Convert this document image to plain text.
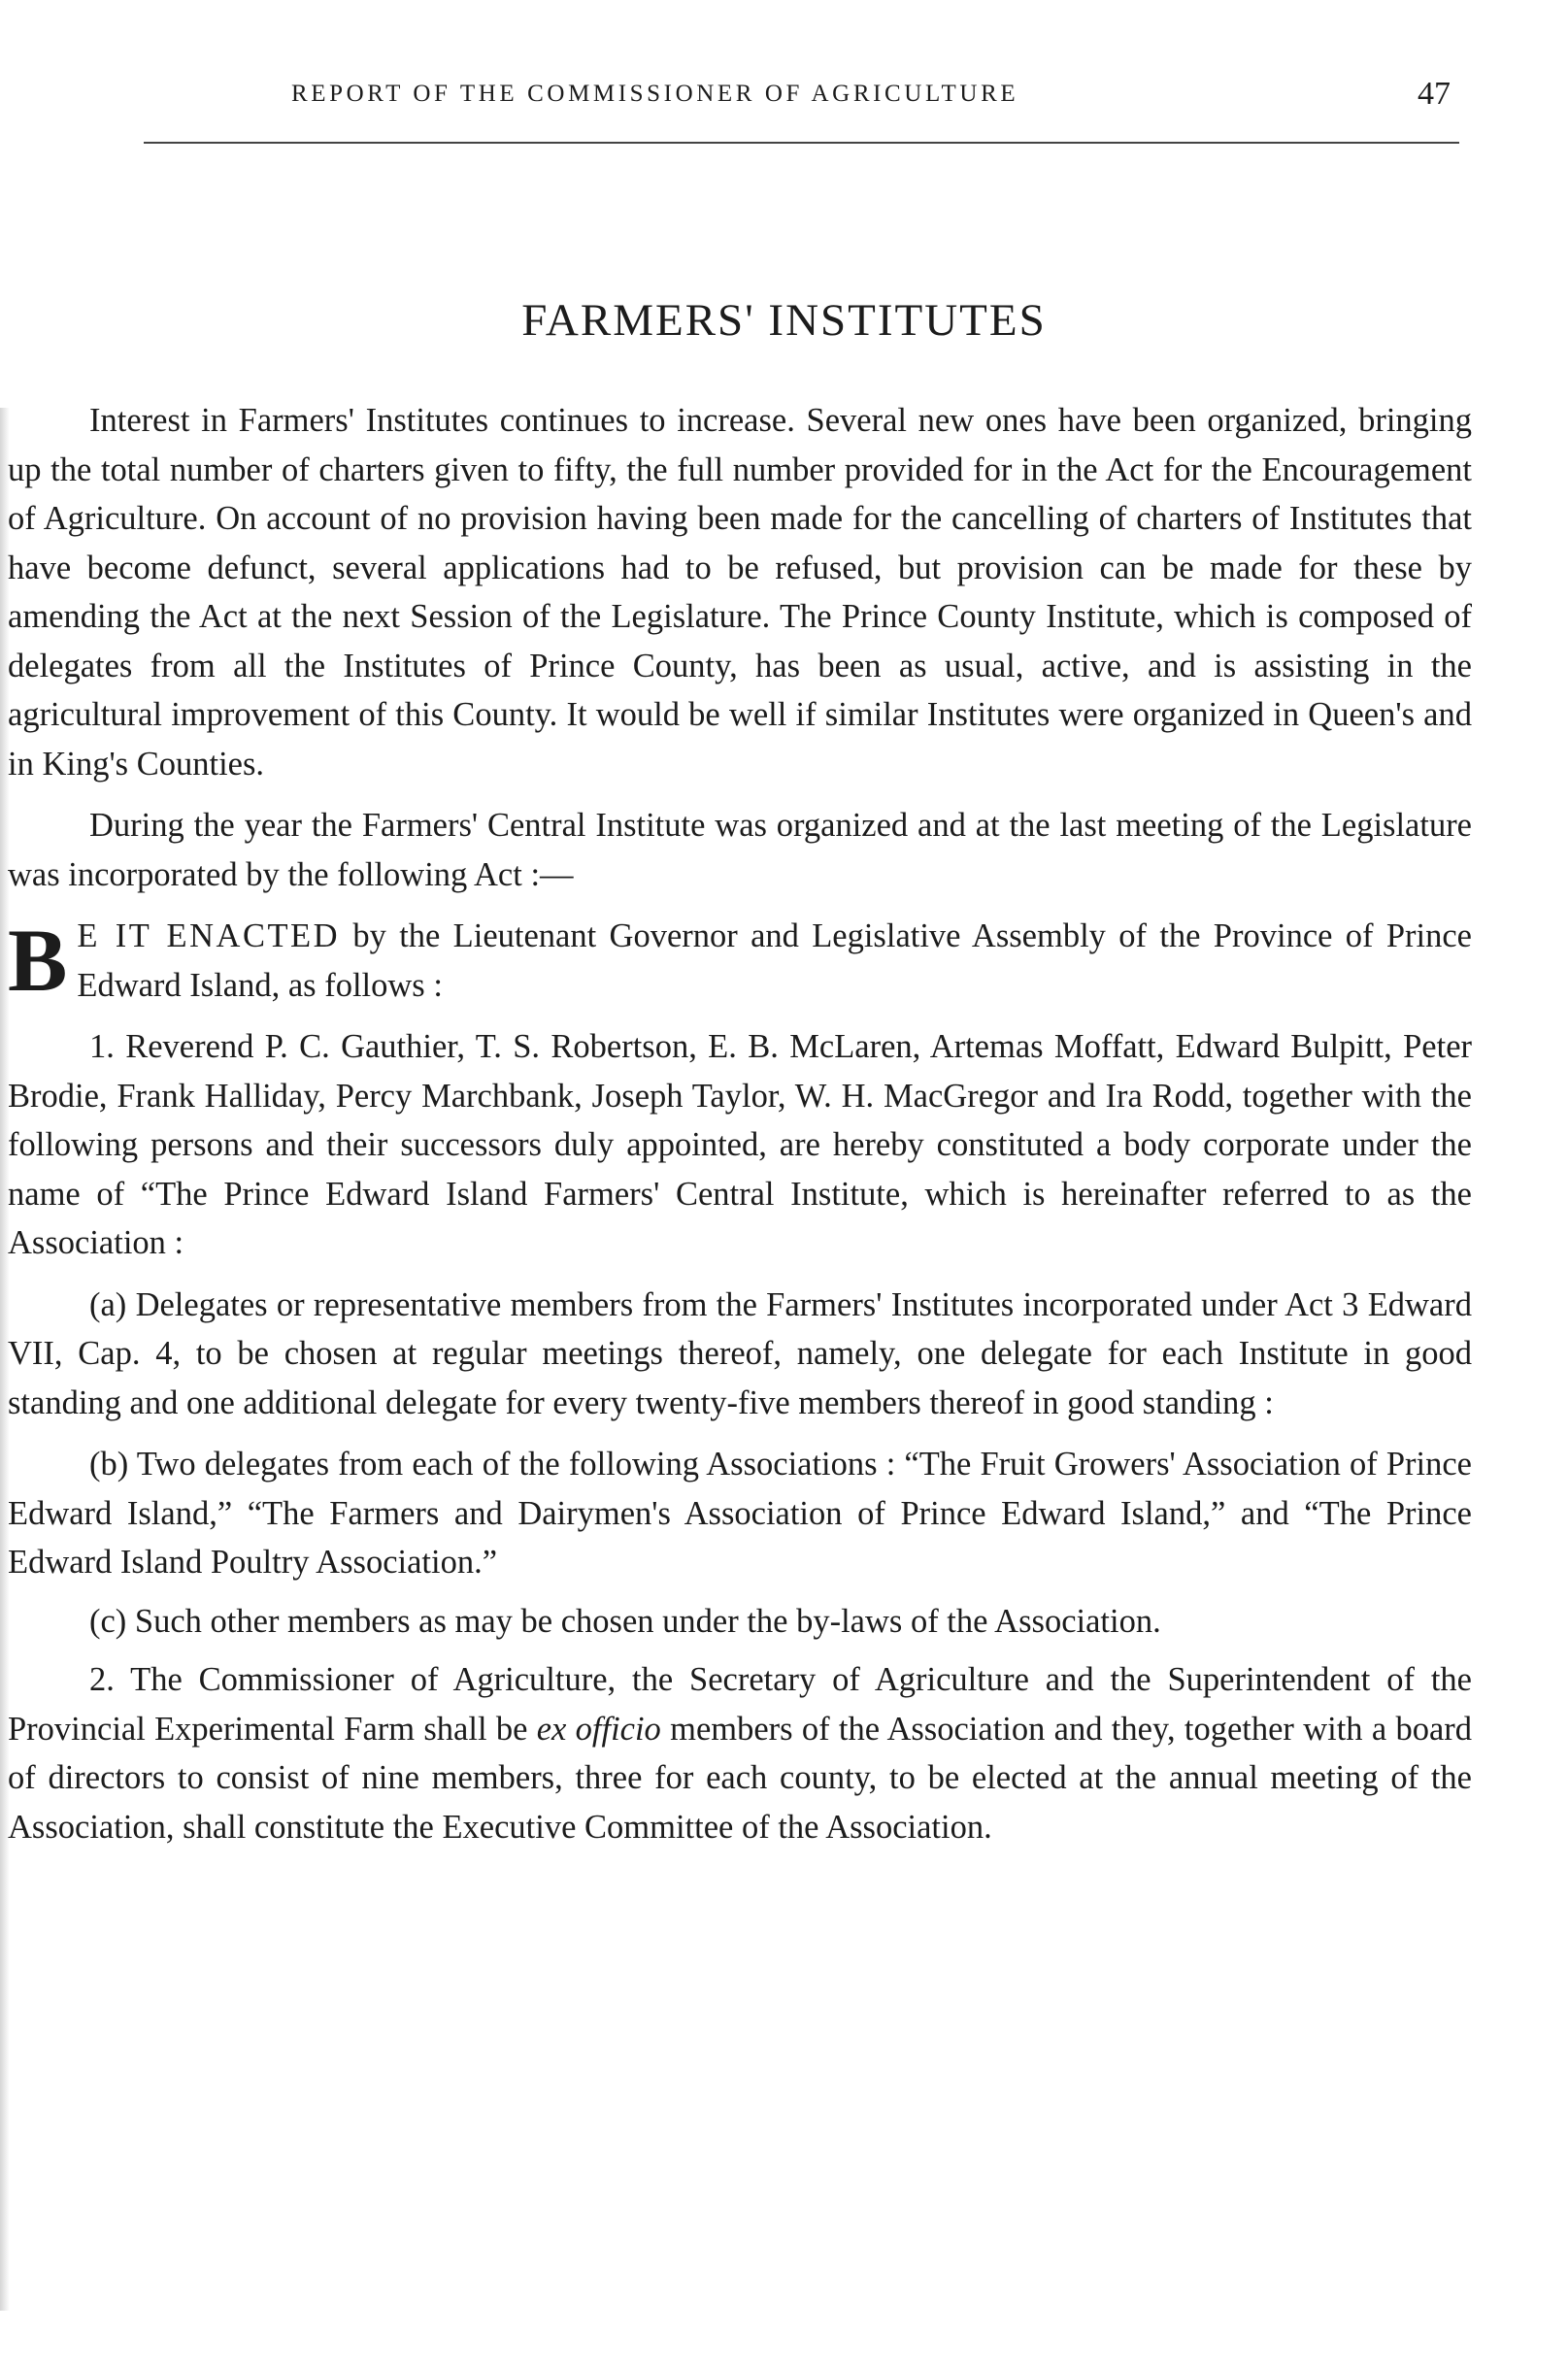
REPORT OF THE COMMISSIONER OF AGRICULTURE	47
FARMERS' INSTITUTES

Interest in Farmers' Institutes continues to increase. Several new ones have been organized, bringing up the total number of charters given to fifty, the full number provided for in the Act for the Encouragement of Agriculture. On account of no provision having been made for the cancelling of charters of Institutes that have become defunct, several applications had to be refused, but provision can be made for these by amending the Act at the next Session of the Legislature. The Prince County Institute, which is composed of delegates from all the Institutes of Prince County, has been as usual, active, and is assisting in the agricultural improvement of this County. It would be well if similar Institutes were organized in Queen's and in King's Counties.

During the year the Farmers' Central Institute was organized and at the last meeting of the Legislature was incorporated by the following Act :—

B E IT ENACTED by the Lieutenant Governor and Legislative Assembly of the Province of Prince Edward Island, as follows :

1. Reverend P. C. Gauthier, T. S. Robertson, E. B. McLaren, Artemas Moffatt, Edward Bulpitt, Peter Brodie, Frank Halliday, Percy Marchbank, Joseph Taylor, W. H. MacGregor and Ira Rodd, together with the following persons and their successors duly appointed, are hereby constituted a body corporate under the name of “The Prince Edward Island Farmers' Central Institute, which is hereinafter referred to as the Association :

(a) Delegates or representative members from the Farmers' Institutes incorporated under Act 3 Edward VII, Cap. 4, to be chosen at regular meetings thereof, namely, one delegate for each Institute in good standing and one additional delegate for every twenty-five members thereof in good standing :

(b) Two delegates from each of the following Associations : “The Fruit Growers' Association of Prince Edward Island,” “The Farmers and Dairymen's Association of Prince Edward Island,” and “The Prince Edward Island Poultry Association.”

(c) Such other members as may be chosen under the by-laws of the Association.

2. The Commissioner of Agriculture, the Secretary of Agriculture and the Superintendent of the Provincial Experimental Farm shall be ex officio members of the Association and they, together with a board of directors to consist of nine members, three for each county, to be elected at the annual meeting of the Association, shall constitute the Executive Committee of the Association.
